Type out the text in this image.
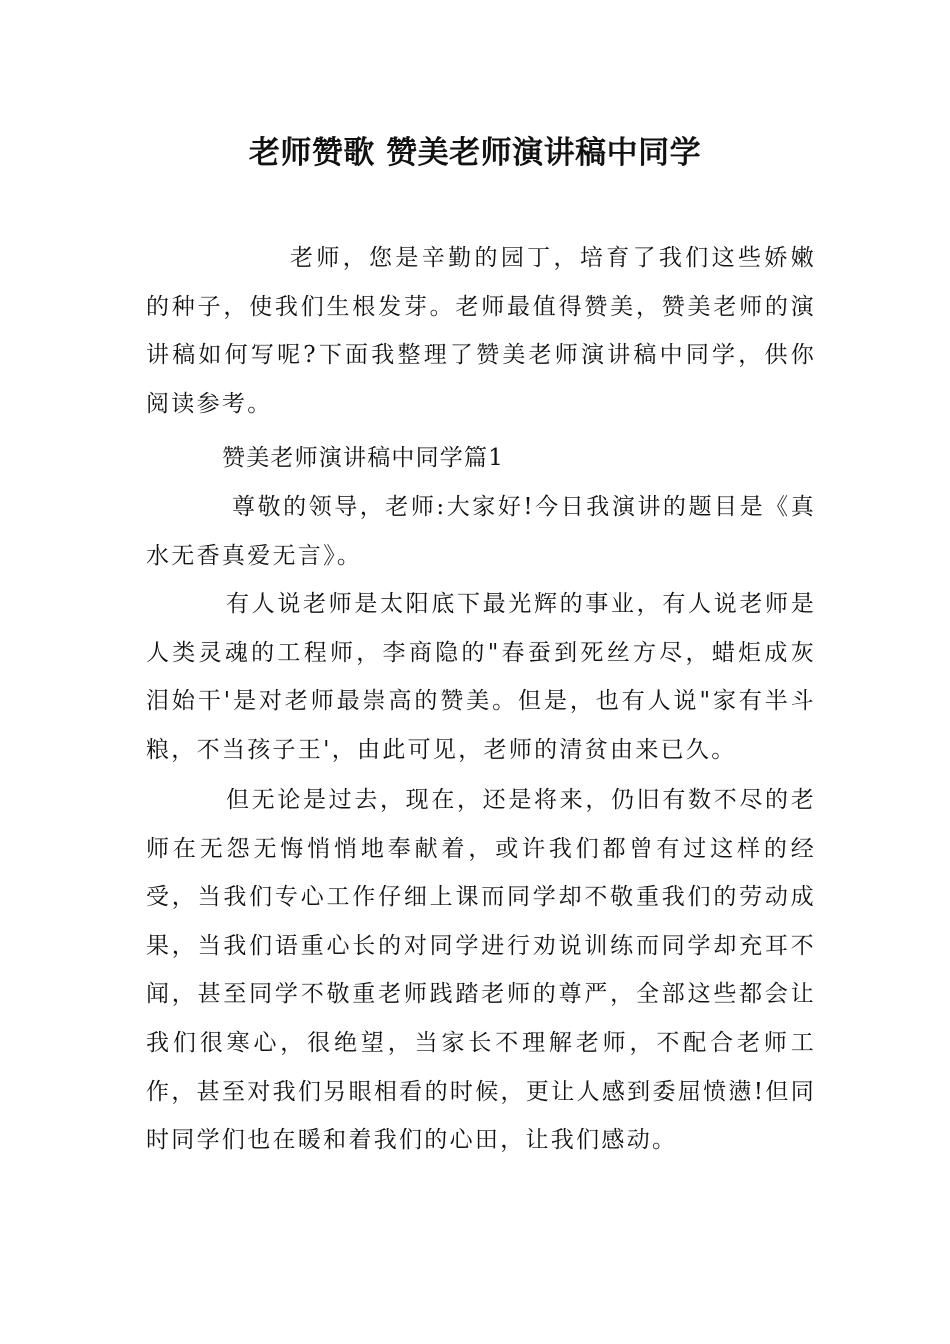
老师赞歌 赞美老师演讲稿中同学

老师，您是辛勤的园丁，培育了我们这些娇嫩的种子，使我们生根发芽。老师最值得赞美，赞美老师的演讲稿如何写呢?下面我整理了赞美老师演讲稿中同学，供你阅读参考。

赞美老师演讲稿中同学篇1

尊敬的领导，老师:大家好!今日我演讲的题目是《真水无香真爱无言》。

有人说老师是太阳底下最光辉的事业，有人说老师是人类灵魂的工程师，李商隐的"春蚕到死丝方尽，蜡炬成灰泪始干'是对老师最崇高的赞美。但是，也有人说"家有半斗粮，不当孩子王'，由此可见，老师的清贫由来已久。

但无论是过去，现在，还是将来，仍旧有数不尽的老师在无怨无悔悄悄地奉献着，或许我们都曾有过这样的经受，当我们专心工作仔细上课而同学却不敬重我们的劳动成果，当我们语重心长的对同学进行劝说训练而同学却充耳不闻，甚至同学不敬重老师践踏老师的尊严，全部这些都会让我们很寒心，很绝望，当家长不理解老师，不配合老师工作，甚至对我们另眼相看的时候，更让人感到委屈愤懑!但同时同学们也在暖和着我们的心田，让我们感动。
